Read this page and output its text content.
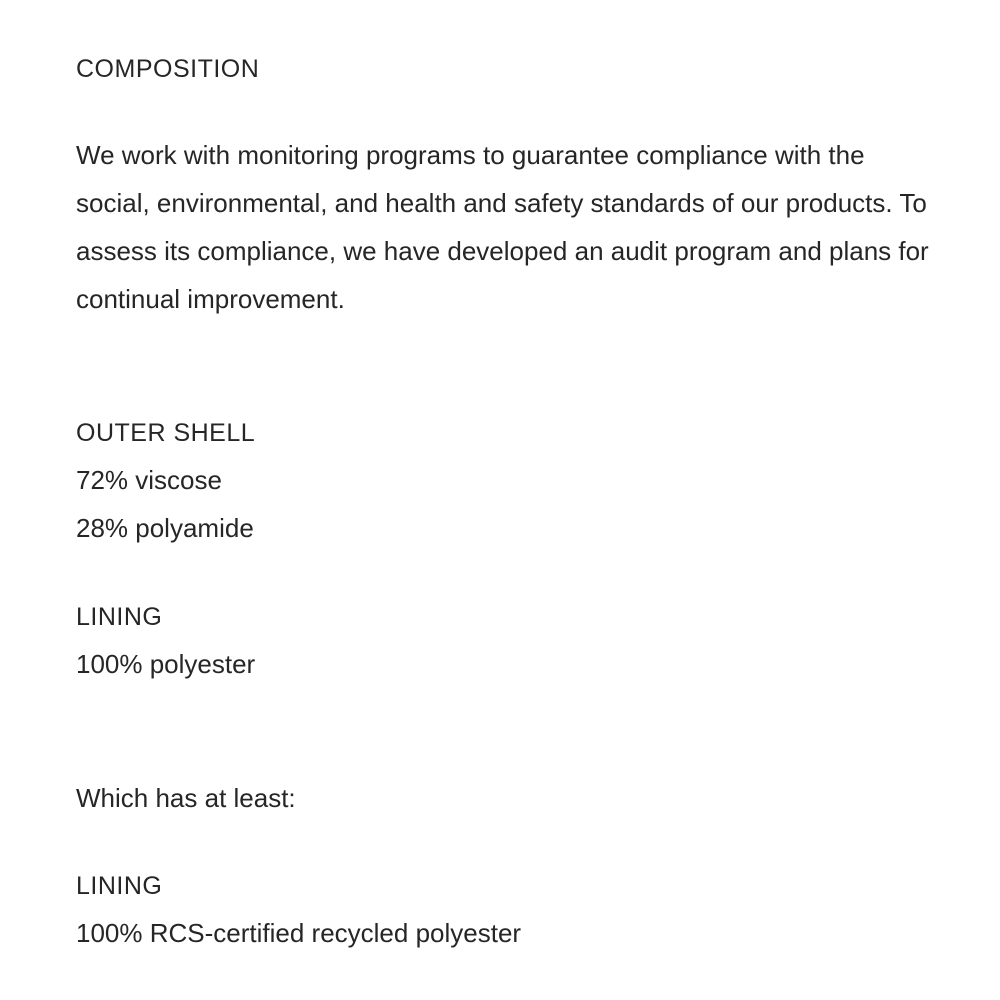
COMPOSITION

We work with monitoring programs to guarantee compliance with the social, environmental, and health and safety standards of our products. To assess its compliance, we have developed an audit program and plans for continual improvement.

OUTER SHELL
72% viscose
28% polyamide
LINING
100% polyester
Which has at least:
LINING
100% RCS-certified recycled polyester
